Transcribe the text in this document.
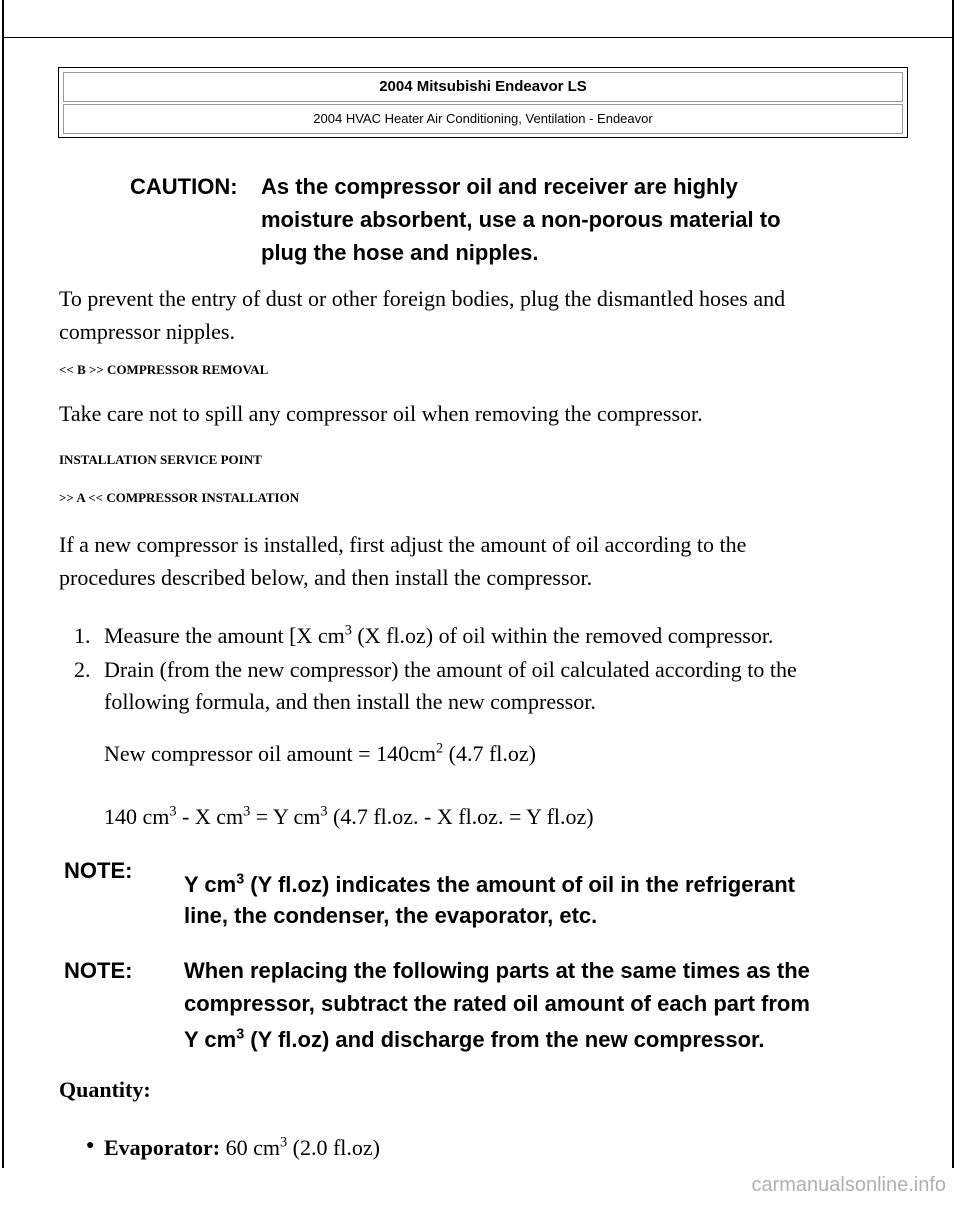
2004 Mitsubishi Endeavor LS
2004 HVAC Heater Air Conditioning, Ventilation - Endeavor
CAUTION: As the compressor oil and receiver are highly
moisture absorbent, use a non-porous material to
plug the hose and nipples.
To prevent the entry of dust or other foreign bodies, plug the dismantled hoses and
compressor nipples.
<< B >> COMPRESSOR REMOVAL
Take care not to spill any compressor oil when removing the compressor.
INSTALLATION SERVICE POINT
>> A << COMPRESSOR INSTALLATION
If a new compressor is installed, first adjust the amount of oil according to the
procedures described below, and then install the compressor.
1. Measure the amount [X $cm^3$ (X fl.oz) of oil within the removed compressor.
2. Drain (from the new compressor) the amount of oil calculated according to the
following formula, and then install the new compressor.
New compressor oil amount = $140cm^2$ (4.7 fl.oz)
140 $cm^3$ - X $cm^3 = Y$ $cm^3$ (4.7 fl.oz. - X fl.oz. = Y fl.oz)
NOTE:
Y $cm^3$ (Y fl.oz) indicates the amount of oil in the refrigerant
line, the condenser, the evaporator, etc.
NOTE: When replacing the following parts at the same times as the
compressor, subtract the rated oil amount of each part from
Y $cm^3$ (Y fl.oz) and discharge from the new compressor.
Quantity:
● Evaporator: 60 $cm^3$ (2.0 fl.oz)
carmanualsonline.info
